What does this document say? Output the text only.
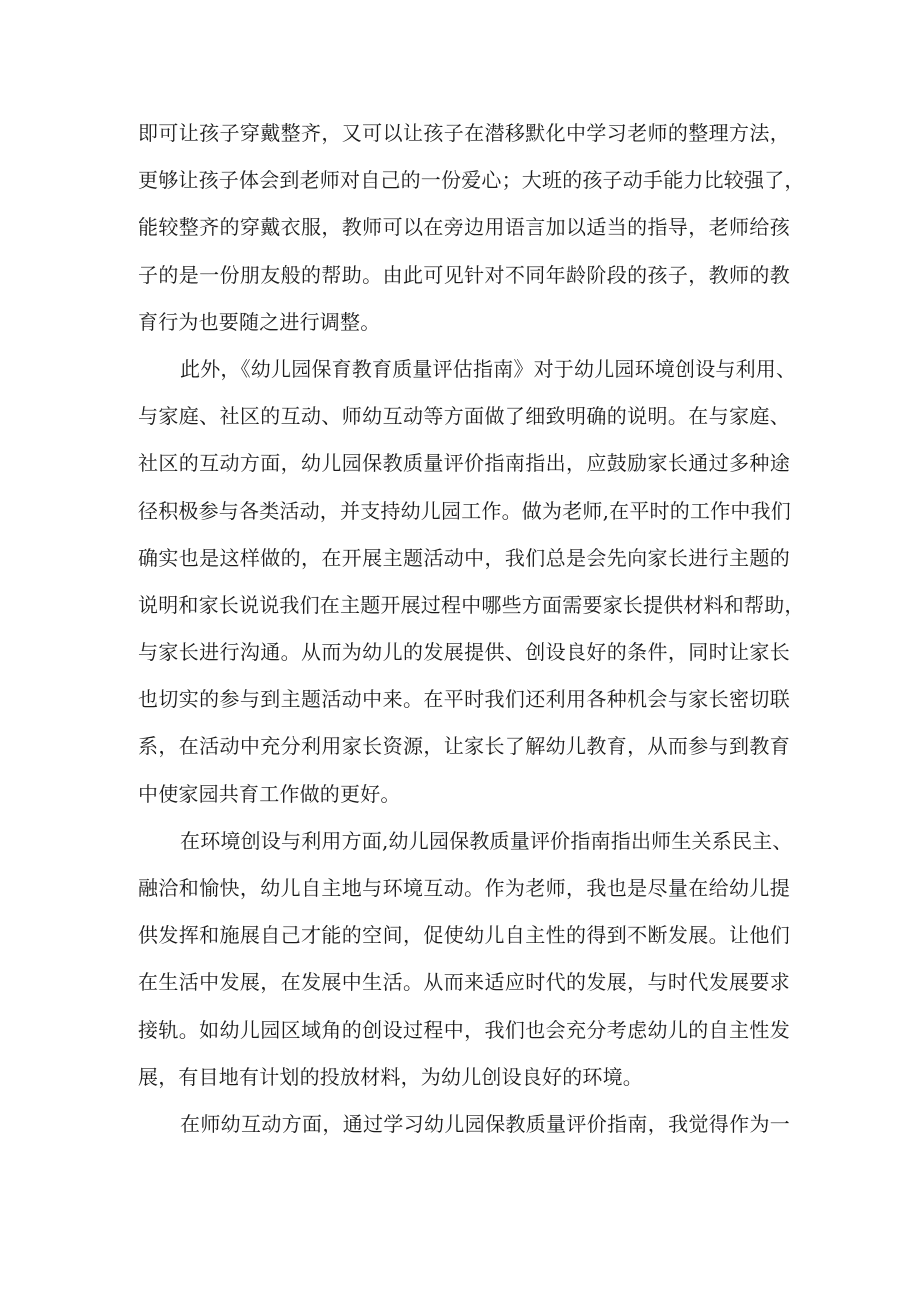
即可让孩子穿戴整齐，又可以让孩子在潜移默化中学习老师的整理方法，
更够让孩子体会到老师对自己的一份爱心；大班的孩子动手能力比较强了，
能较整齐的穿戴衣服，教师可以在旁边用语言加以适当的指导，老师给孩
子的是一份朋友般的帮助。由此可见针对不同年龄阶段的孩子，教师的教
育行为也要随之进行调整。
此外，《幼儿园保育教育质量评估指南》对于幼儿园环境创设与利用、
与家庭、社区的互动、师幼互动等方面做了细致明确的说明。在与家庭、
社区的互动方面，幼儿园保教质量评价指南指出，应鼓励家长通过多种途
径积极参与各类活动，并支持幼儿园工作。做为老师,在平时的工作中我们
确实也是这样做的，在开展主题活动中，我们总是会先向家长进行主题的
说明和家长说说我们在主题开展过程中哪些方面需要家长提供材料和帮助，
与家长进行沟通。从而为幼儿的发展提供、创设良好的条件，同时让家长
也切实的参与到主题活动中来。在平时我们还利用各种机会与家长密切联
系，在活动中充分利用家长资源，让家长了解幼儿教育，从而参与到教育
中使家园共育工作做的更好。
在环境创设与利用方面,幼儿园保教质量评价指南指出师生关系民主、
融洽和愉快，幼儿自主地与环境互动。作为老师，我也是尽量在给幼儿提
供发挥和施展自己才能的空间，促使幼儿自主性的得到不断发展。让他们
在生活中发展，在发展中生活。从而来适应时代的发展，与时代发展要求
接轨。如幼儿园区域角的创设过程中，我们也会充分考虑幼儿的自主性发
展，有目地有计划的投放材料，为幼儿创设良好的环境。
在师幼互动方面，通过学习幼儿园保教质量评价指南，我觉得作为一
